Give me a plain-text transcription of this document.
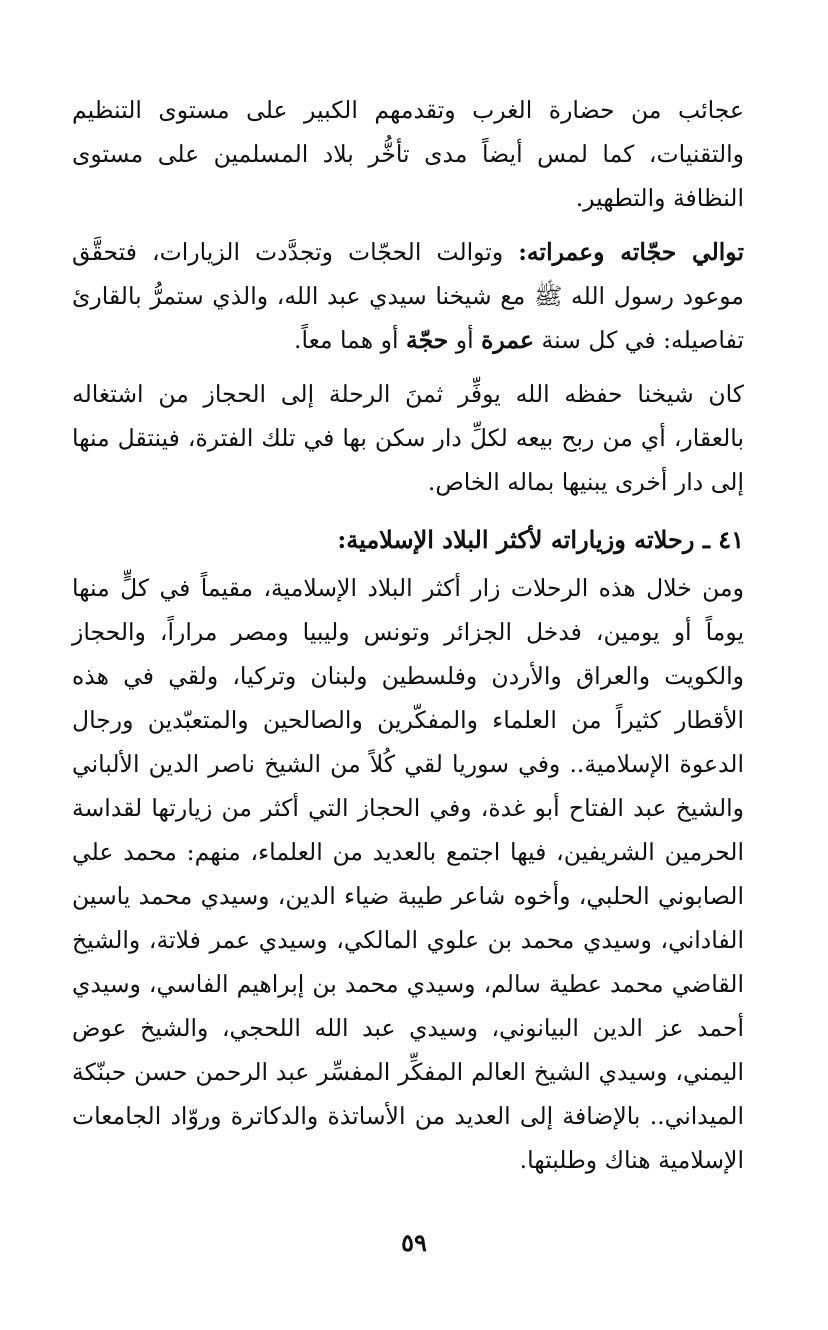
عجائب من حضارة الغرب وتقدمهم الكبير على مستوى التنظيم والتقنيات، كما لمس أيضاً مدى تأخُّر بلاد المسلمين على مستوى النظافة والتطهير.

توالي حجّاته وعمراته: وتوالت الحجّات وتجدَّدت الزيارات، فتحقَّق موعود رسول الله ﷺ مع شيخنا سيدي عبد الله، والذي ستمرُّ بالقارئ تفاصيله: في كل سنة عمرة أو حجّة أو هما معاً.

كان شيخنا حفظه الله يوفِّر ثمنَ الرحلة إلى الحجاز من اشتغاله بالعقار، أي من ربح بيعه لكلِّ دار سكن بها في تلك الفترة، فينتقل منها إلى دار أخرى يبنيها بماله الخاص.

٤١ ـ رحلاته وزياراته لأكثر البلاد الإسلامية:

ومن خلال هذه الرحلات زار أكثر البلاد الإسلامية، مقيماً في كلٍّ منها يوماً أو يومين، فدخل الجزائر وتونس وليبيا ومصر مراراً، والحجاز والكويت والعراق والأردن وفلسطين ولبنان وتركيا، ولقي في هذه الأقطار كثيراً من العلماء والمفكّرين والصالحين والمتعبّدين ورجال الدعوة الإسلامية.. وفي سوريا لقي كُلاً من الشيخ ناصر الدين الألباني والشيخ عبد الفتاح أبو غدة، وفي الحجاز التي أكثر من زيارتها لقداسة الحرمين الشريفين، فيها اجتمع بالعديد من العلماء، منهم: محمد علي الصابوني الحلبي، وأخوه شاعر طيبة ضياء الدين، وسيدي محمد ياسين الفاداني، وسيدي محمد بن علوي المالكي، وسيدي عمر فلاتة، والشيخ القاضي محمد عطية سالم، وسيدي محمد بن إبراهيم الفاسي، وسيدي أحمد عز الدين البيانوني، وسيدي عبد الله اللحجي، والشيخ عوض اليمني، وسيدي الشيخ العالم المفكِّر المفسِّر عبد الرحمن حسن حبنّكة الميداني.. بالإضافة إلى العديد من الأساتذة والدكاترة وروّاد الجامعات الإسلامية هناك وطلبتها.

٥٩
